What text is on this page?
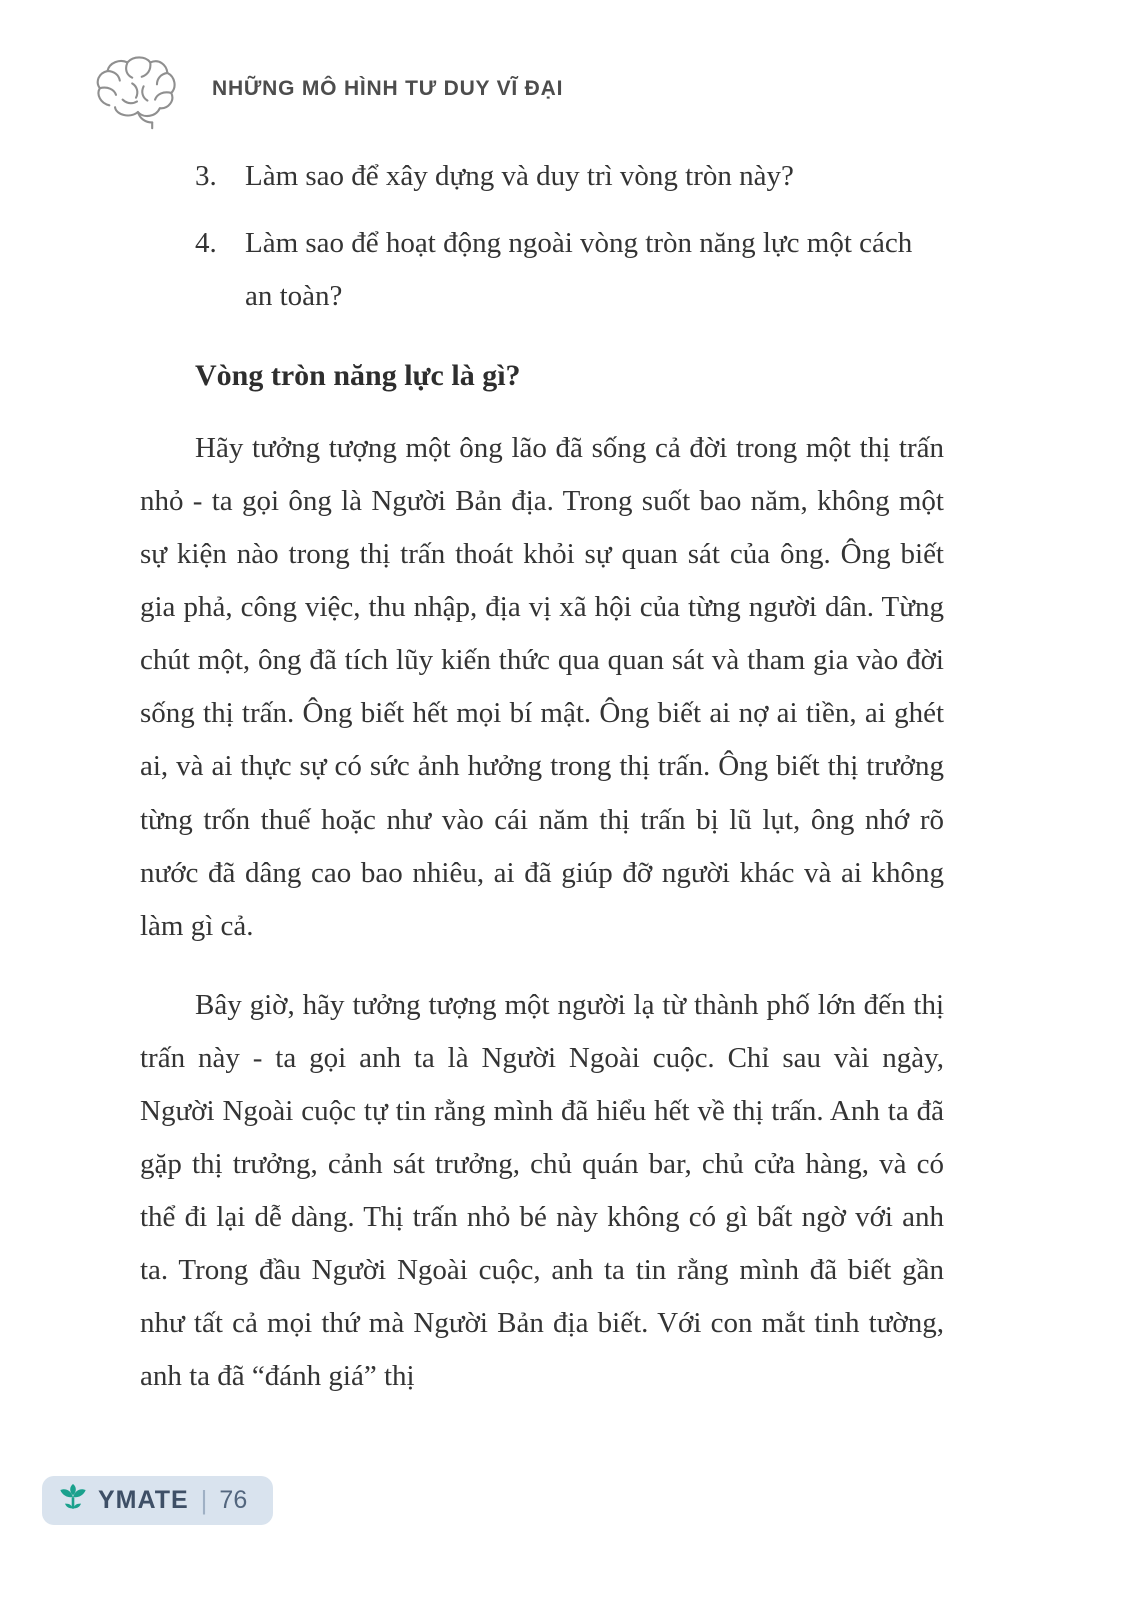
NHỮNG MÔ HÌNH TƯ DUY VĨ ĐẠI
3. Làm sao để xây dựng và duy trì vòng tròn này?
4. Làm sao để hoạt động ngoài vòng tròn năng lực một cách an toàn?
Vòng tròn năng lực là gì?

Hãy tưởng tượng một ông lão đã sống cả đời trong một thị trấn nhỏ - ta gọi ông là Người Bản địa. Trong suốt bao năm, không một sự kiện nào trong thị trấn thoát khỏi sự quan sát của ông. Ông biết gia phả, công việc, thu nhập, địa vị xã hội của từng người dân. Từng chút một, ông đã tích lũy kiến thức qua quan sát và tham gia vào đời sống thị trấn. Ông biết hết mọi bí mật. Ông biết ai nợ ai tiền, ai ghét ai, và ai thực sự có sức ảnh hưởng trong thị trấn. Ông biết thị trưởng từng trốn thuế hoặc như vào cái năm thị trấn bị lũ lụt, ông nhớ rõ nước đã dâng cao bao nhiêu, ai đã giúp đỡ người khác và ai không làm gì cả.

Bây giờ, hãy tưởng tượng một người lạ từ thành phố lớn đến thị trấn này - ta gọi anh ta là Người Ngoài cuộc. Chỉ sau vài ngày, Người Ngoài cuộc tự tin rằng mình đã hiểu hết về thị trấn. Anh ta đã gặp thị trưởng, cảnh sát trưởng, chủ quán bar, chủ cửa hàng, và có thể đi lại dễ dàng. Thị trấn nhỏ bé này không có gì bất ngờ với anh ta. Trong đầu Người Ngoài cuộc, anh ta tin rằng mình đã biết gần như tất cả mọi thứ mà Người Bản địa biết. Với con mắt tinh tường, anh ta đã “đánh giá” thị

YMATE | 76
